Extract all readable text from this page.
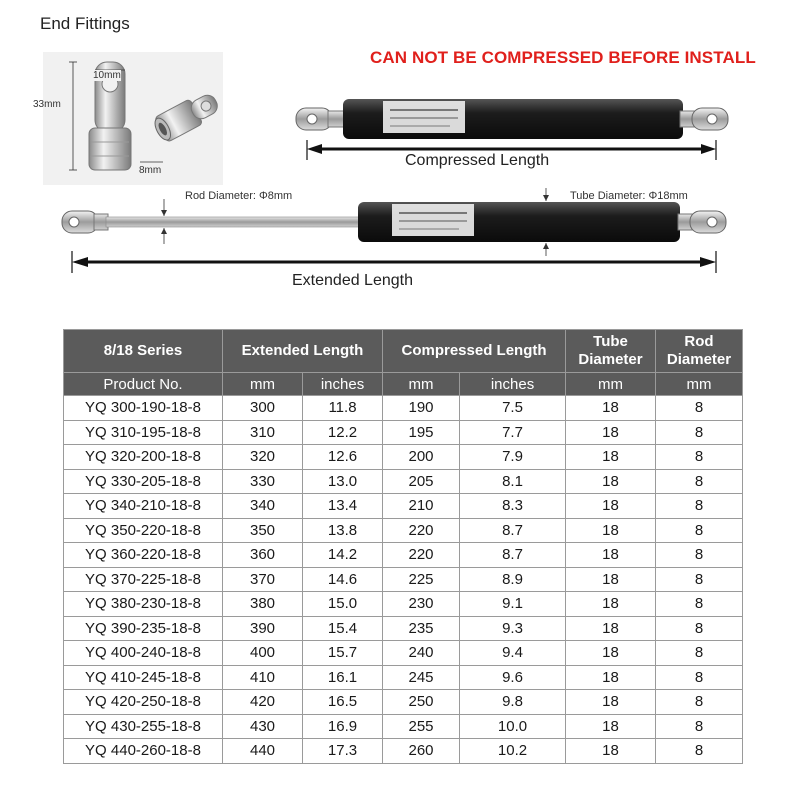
End Fittings
10mm
33mm
8mm
CAN NOT BE COMPRESSED BEFORE INSTALL
Compressed Length
Rod Diameter: Φ8mm	Tube Diameter: Φ18mm
Extended Length
8/18 Series	Extended Length		Compressed Length		Tube Diameter	Rod Diameter
Product No.	mm	inches	mm	inches	mm	mm
YQ 300-190-18-8	300	11.8	190	7.5	18	8
YQ 310-195-18-8	310	12.2	195	7.7	18	8
YQ 320-200-18-8	320	12.6	200	7.9	18	8
YQ 330-205-18-8	330	13.0	205	8.1	18	8
YQ 340-210-18-8	340	13.4	210	8.3	18	8
YQ 350-220-18-8	350	13.8	220	8.7	18	8
YQ 360-220-18-8	360	14.2	220	8.7	18	8
YQ 370-225-18-8	370	14.6	225	8.9	18	8
YQ 380-230-18-8	380	15.0	230	9.1	18	8
YQ 390-235-18-8	390	15.4	235	9.3	18	8
YQ 400-240-18-8	400	15.7	240	9.4	18	8
YQ 410-245-18-8	410	16.1	245	9.6	18	8
YQ 420-250-18-8	420	16.5	250	9.8	18	8
YQ 430-255-18-8	430	16.9	255	10.0	18	8
YQ 440-260-18-8	440	17.3	260	10.2	18	8
